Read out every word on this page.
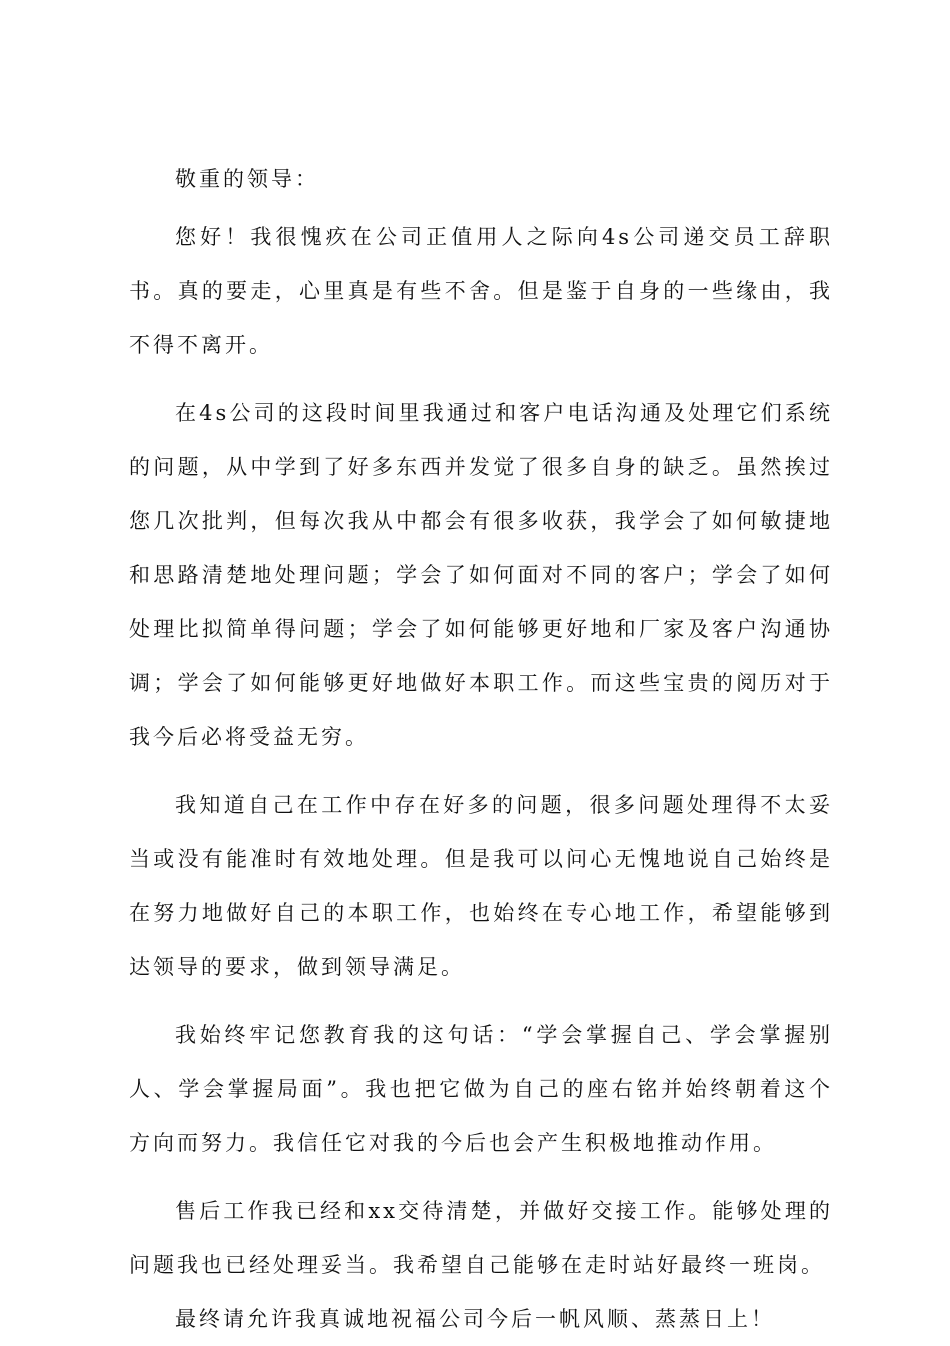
敬重的领导：

您好！我很愧疚在公司正值用人之际向4s公司递交员工辞职书。真的要走，心里真是有些不舍。但是鉴于自身的一些缘由，我不得不离开。

在4s公司的这段时间里我通过和客户电话沟通及处理它们系统的问题，从中学到了好多东西并发觉了很多自身的缺乏。虽然挨过您几次批判，但每次我从中都会有很多收获，我学会了如何敏捷地和思路清楚地处理问题；学会了如何面对不同的客户；学会了如何处理比拟简单得问题；学会了如何能够更好地和厂家及客户沟通协调；学会了如何能够更好地做好本职工作。而这些宝贵的阅历对于我今后必将受益无穷。

我知道自己在工作中存在好多的问题，很多问题处理得不太妥当或没有能准时有效地处理。但是我可以问心无愧地说自己始终是在努力地做好自己的本职工作，也始终在专心地工作，希望能够到达领导的要求，做到领导满足。

我始终牢记您教育我的这句话：“学会掌握自己、学会掌握别人、学会掌握局面”。我也把它做为自己的座右铭并始终朝着这个方向而努力。我信任它对我的今后也会产生积极地推动作用。

售后工作我已经和xx交待清楚，并做好交接工作。能够处理的问题我也已经处理妥当。我希望自己能够在走时站好最终一班岗。

最终请允许我真诚地祝福公司今后一帆风顺、蒸蒸日上！
